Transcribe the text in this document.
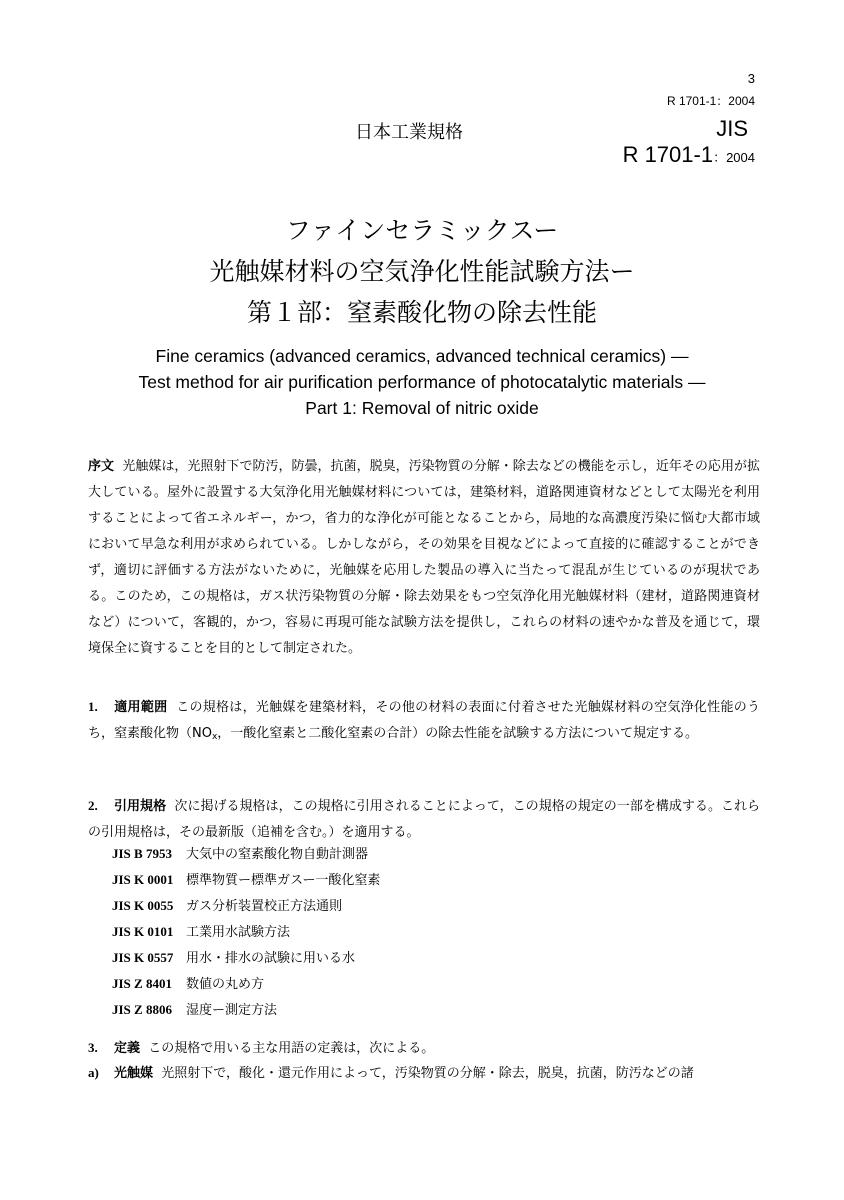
3
R 1701-1：2004
日本工業規格	JIS
R 1701-1：2004
ファインセラミックスー
光触媒材料の空気浄化性能試験方法ー
第１部：窒素酸化物の除去性能
Fine ceramics (advanced ceramics, advanced technical ceramics) —
Test method for air purification performance of photocatalytic materials —
Part 1: Removal of nitric oxide
序文 光触媒は，光照射下で防汚，防曇，抗菌，脱臭，汚染物質の分解・除去などの機能を示し，近年その応用が拡大している。屋外に設置する大気浄化用光触媒材料については，建築材料，道路関連資材などとして太陽光を利用することによって省エネルギー，かつ，省力的な浄化が可能となることから，局地的な高濃度汚染に悩む大都市域において早急な利用が求められている。しかしながら，その効果を目視などによって直接的に確認することができず，適切に評価する方法がないために，光触媒を応用した製品の導入に当たって混乱が生じているのが現状である。このため，この規格は，ガス状汚染物質の分解・除去効果をもつ空気浄化用光触媒材料（建材，道路関連資材など）について，客観的，かつ，容易に再現可能な試験方法を提供し，これらの材料の速やかな普及を通じて，環境保全に資することを目的として制定された。
1. 適用範囲 この規格は，光触媒を建築材料，その他の材料の表面に付着させた光触媒材料の空気浄化性能のうち，窒素酸化物（$NO_x$，一酸化窒素と二酸化窒素の合計）の除去性能を試験する方法について規定する。
2. 引用規格 次に掲げる規格は，この規格に引用されることによって，この規格の規定の一部を構成する。これらの引用規格は，その最新版（追補を含む。）を適用する。
JIS B 7953 大気中の窒素酸化物自動計測器
JIS K 0001 標準物質ー標準ガスー一酸化窒素
JIS K 0055 ガス分析装置校正方法通則
JIS K 0101 工業用水試験方法
JIS K 0557 用水・排水の試験に用いる水
JIS Z 8401 数値の丸め方
JIS Z 8806 湿度ー測定方法
3. 定義 この規格で用いる主な用語の定義は，次による。
a) 光触媒 光照射下で，酸化・還元作用によって，汚染物質の分解・除去，脱臭，抗菌，防汚などの諸
